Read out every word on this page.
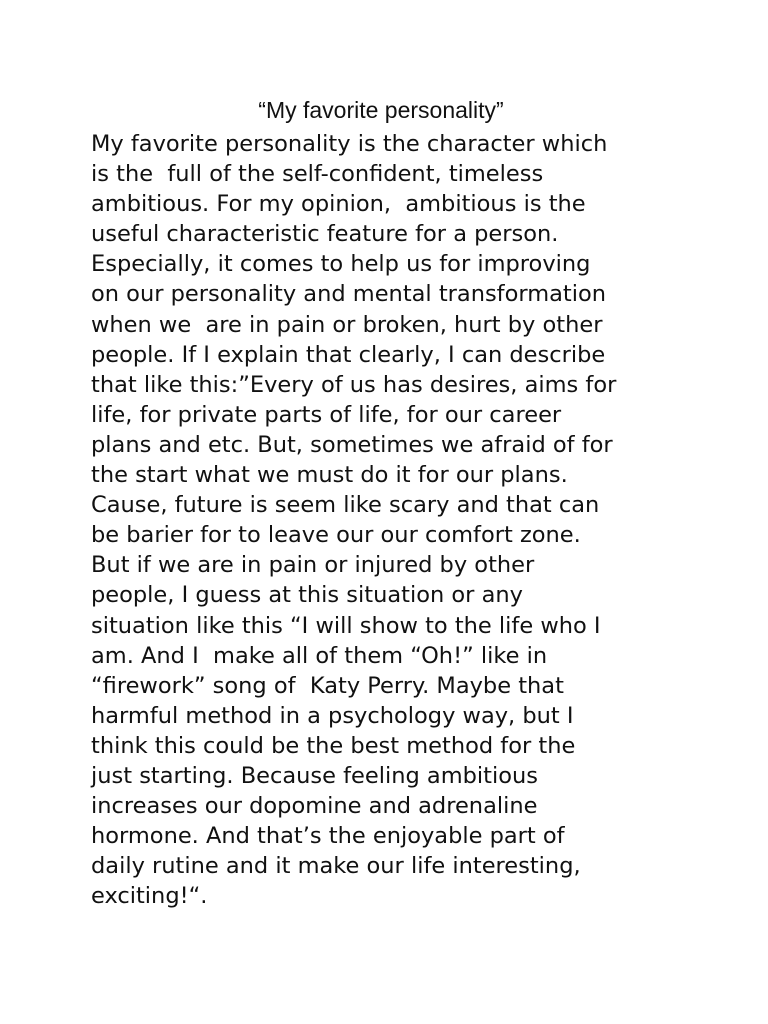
“My favorite personality”
My favorite personality is the character which
is the  full of the self-confident, timeless
ambitious. For my opinion,  ambitious is the
useful characteristic feature for a person.
Especially, it comes to help us for improving
on our personality and mental transformation
when we  are in pain or broken, hurt by other
people. If I explain that clearly, I can describe
that like this:”Every of us has desires, aims for
life, for private parts of life, for our career
plans and etc. But, sometimes we afraid of for
the start what we must do it for our plans.
Cause, future is seem like scary and that can
be barier for to leave our our comfort zone.
But if we are in pain or injured by other
people, I guess at this situation or any
situation like this “I will show to the life who I
am. And I  make all of them “Oh!” like in
“firework” song of  Katy Perry. Maybe that
harmful method in a psychology way, but I
think this could be the best method for the
just starting. Because feeling ambitious
increases our dopomine and adrenaline
hormone. And that’s the enjoyable part of
daily rutine and it make our life interesting,
exciting!“.
